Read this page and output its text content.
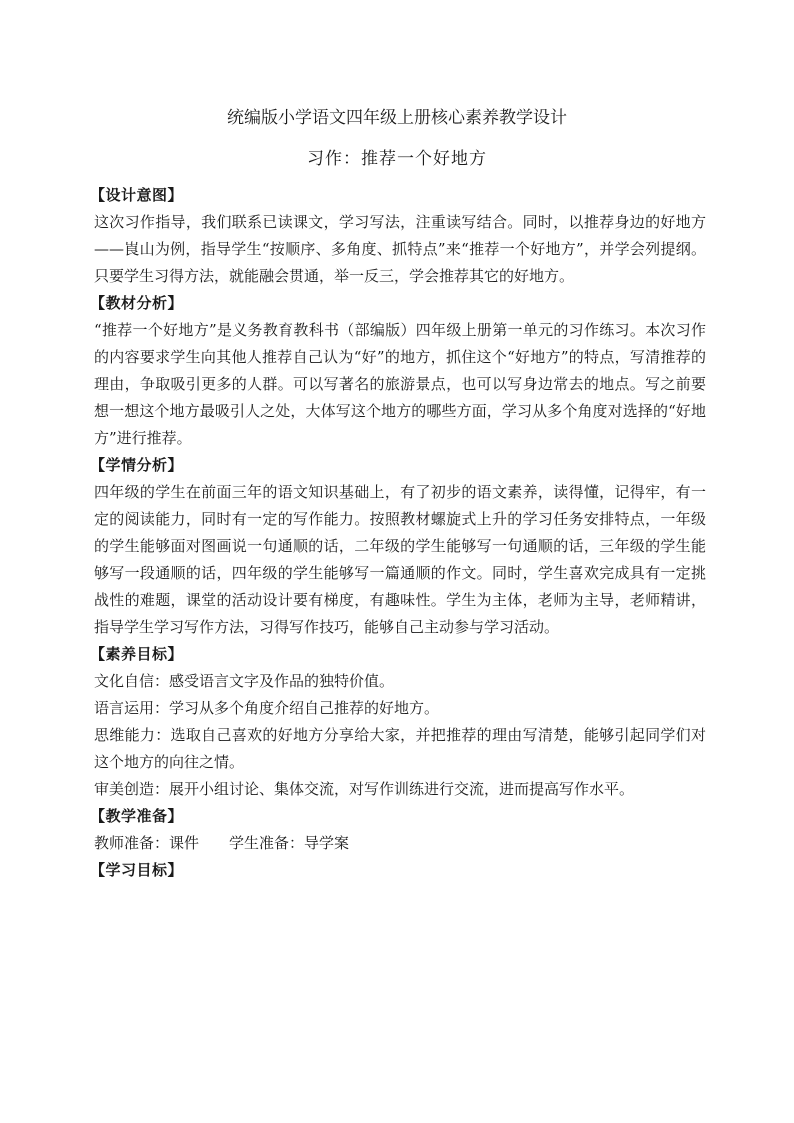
统编版小学语文四年级上册核心素养教学设计
习作：推荐一个好地方
【设计意图】
这次习作指导，我们联系已读课文，学习写法，注重读写结合。同时，以推荐身边的好地方——崀山为例，指导学生“按顺序、多角度、抓特点”来“推荐一个好地方”，并学会列提纲。只要学生习得方法，就能融会贯通，举一反三，学会推荐其它的好地方。
【教材分析】
“推荐一个好地方”是义务教育教科书（部编版）四年级上册第一单元的习作练习。本次习作的内容要求学生向其他人推荐自己认为“好”的地方，抓住这个“好地方”的特点，写清推荐的理由，争取吸引更多的人群。可以写著名的旅游景点，也可以写身边常去的地点。写之前要想一想这个地方最吸引人之处，大体写这个地方的哪些方面，学习从多个角度对选择的“好地方”进行推荐。
【学情分析】
四年级的学生在前面三年的语文知识基础上，有了初步的语文素养，读得懂，记得牢，有一定的阅读能力，同时有一定的写作能力。按照教材螺旋式上升的学习任务安排特点，一年级的学生能够面对图画说一句通顺的话，二年级的学生能够写一句通顺的话，三年级的学生能够写一段通顺的话，四年级的学生能够写一篇通顺的作文。同时，学生喜欢完成具有一定挑战性的难题，课堂的活动设计要有梯度，有趣味性。学生为主体，老师为主导，老师精讲，指导学生学习写作方法，习得写作技巧，能够自己主动参与学习活动。
【素养目标】
文化自信：感受语言文字及作品的独特价值。
语言运用：学习从多个角度介绍自己推荐的好地方。
思维能力：选取自己喜欢的好地方分享给大家，并把推荐的理由写清楚，能够引起同学们对这个地方的向往之情。
审美创造：展开小组讨论、集体交流，对写作训练进行交流，进而提高写作水平。
【教学准备】
教师准备：课件 学生准备：导学案
【学习目标】
